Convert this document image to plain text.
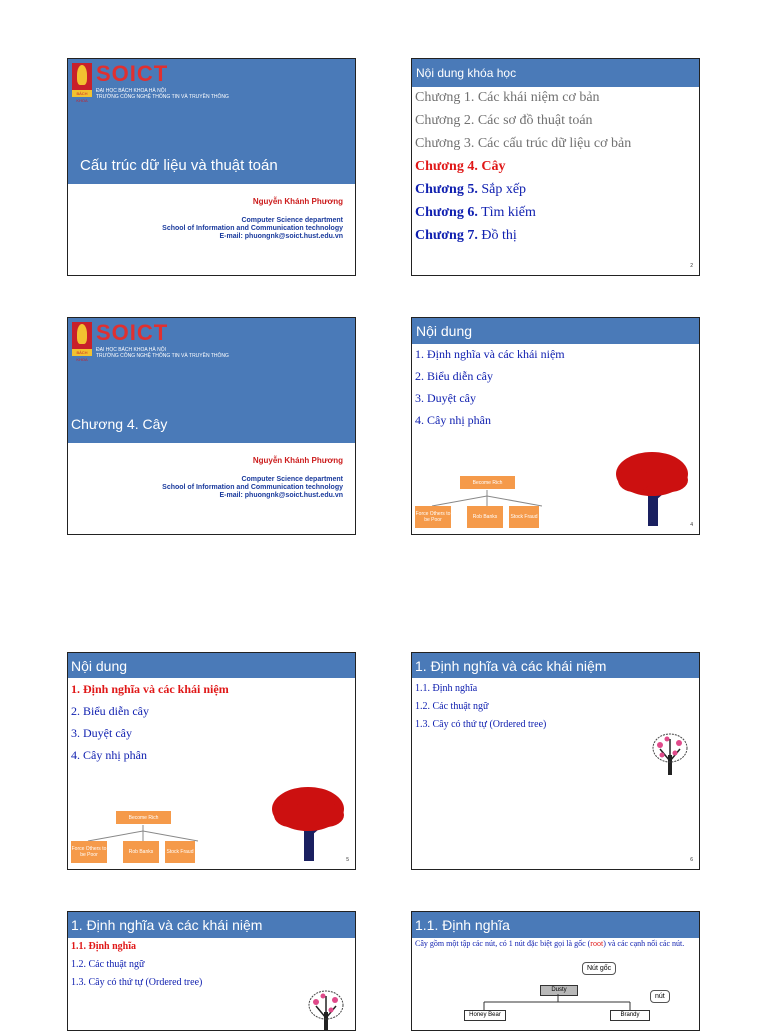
BÁCH KHOA
SOICT
ĐẠI HỌC BÁCH KHOA HÀ NỘI
TRƯỜNG CÔNG NGHỆ THÔNG TIN VÀ TRUYỀN THÔNG
Cấu trúc dữ liệu và thuật toán
Nguyễn Khánh Phương
Computer Science department
School of Information and Communication technology
E-mail: phuongnk@soict.hust.edu.vn
Nội dung khóa học
Chương 1. Các khái niệm cơ bản
Chương 2. Các sơ đồ thuật toán
Chương 3. Các cấu trúc dữ liệu cơ bản
Chương 4. Cây
Chương 5. Sắp xếp
Chương 6. Tìm kiếm
Chương 7. Đồ thị
2
BÁCH KHOA
SOICT
ĐẠI HỌC BÁCH KHOA HÀ NỘI
TRƯỜNG CÔNG NGHỆ THÔNG TIN VÀ TRUYỀN THÔNG
Chương 4. Cây
Nguyễn Khánh Phương
Computer Science department
School of Information and Communication technology
E-mail: phuongnk@soict.hust.edu.vn
Nội dung
1. Định nghĩa và các khái niệm
2. Biểu diễn cây
3. Duyệt cây
4. Cây nhị phân
Become Rich
Force Others to be Poor	Rob Banks	Stock Fraud
4
Nội dung
1. Định nghĩa và các khái niệm
2. Biểu diễn cây
3. Duyệt cây
4. Cây nhị phân
Become Rich
Force Others to be Poor	Rob Banks	Stock Fraud
5
1. Định nghĩa và các khái niệm
1.1. Định nghĩa
1.2. Các thuật ngữ
1.3. Cây có thứ tự (Ordered tree)
6
1. Định nghĩa và các khái niệm
1.1. Định nghĩa
1.2. Các thuật ngữ
1.3. Cây có thứ tự (Ordered tree)
1.1. Định nghĩa
Cây gồm một tập các nút, có 1 nút đặc biệt gọi là gốc (root) và các cạnh nối các nút.
Nút gốc
nút
Dusty
Honey Bear	Brandy
